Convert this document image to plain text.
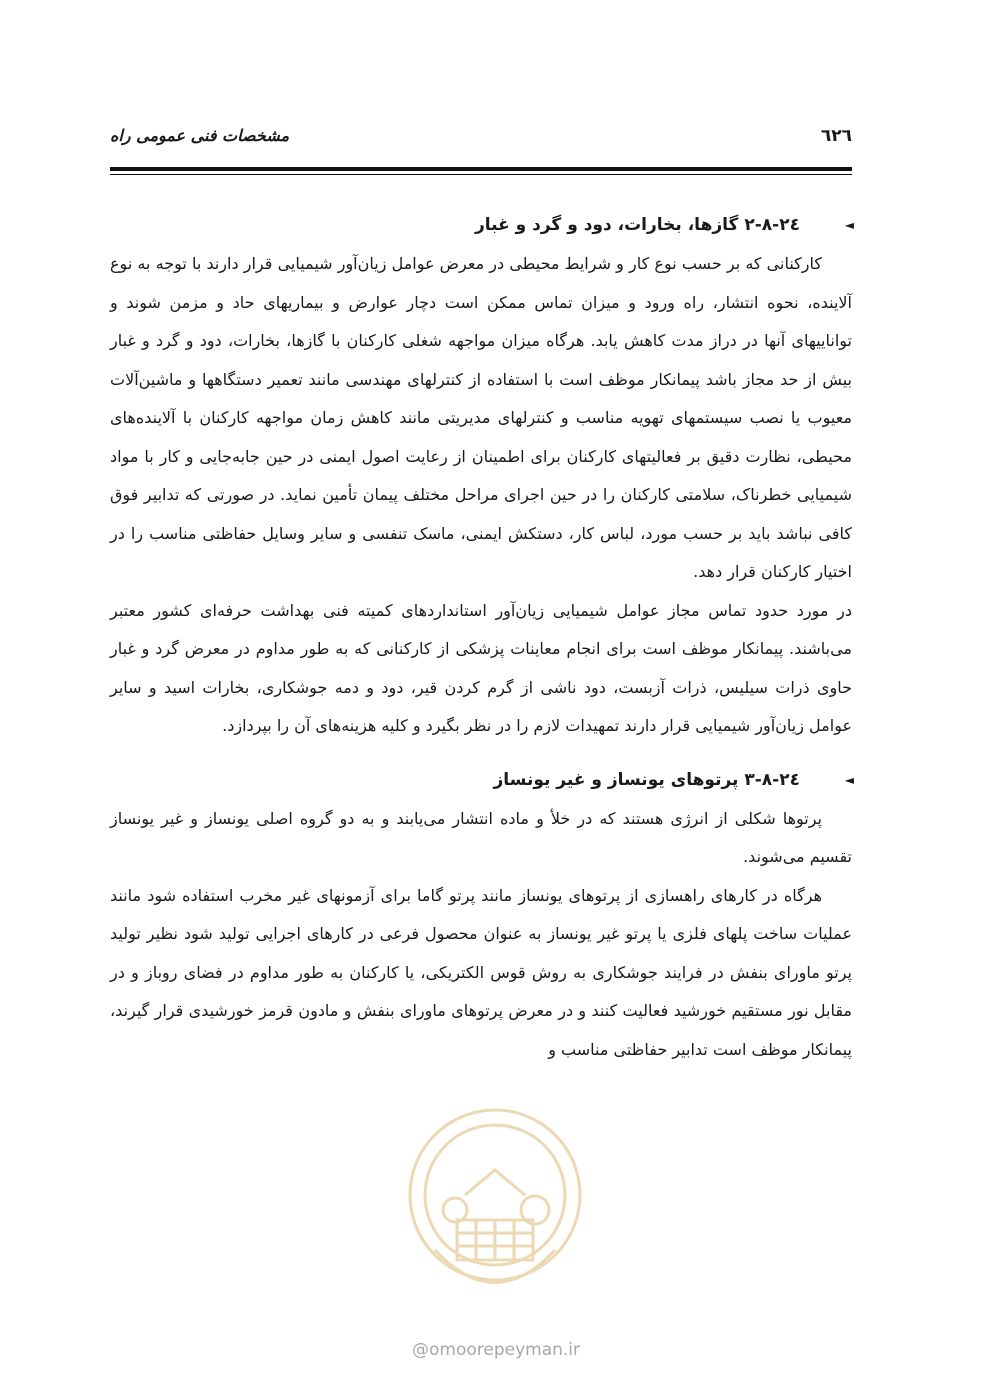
٦٢٦
مشخصات فنی عمومی راه
◄
٢٤-٨-٢ گازها، بخارات، دود و گرد و غبار

کارکنانی که بر حسب نوع کار و شرایط محیطی در معرض عوامل زیان‌آور شیمیایی قرار دارند با توجه به نوع آلاینده، نحوه انتشار، راه ورود و میزان تماس ممکن است دچار عوارض و بیماریهای حاد و مزمن شوند و تواناییهای آنها در دراز مدت کاهش یابد. هرگاه میزان مواجهه شغلی کارکنان با گازها، بخارات، دود و گرد و غبار بیش از حد مجاز باشد پیمانکار موظف است با استفاده از کنترلهای مهندسی مانند تعمیر دستگاهها و ماشین‌آلات معیوب یا نصب سیستمهای تهویه مناسب و کنترلهای مدیریتی مانند کاهش زمان مواجهه کارکنان با آلاینده‌های محیطی، نظارت دقیق بر فعالیتهای کارکنان برای اطمینان از رعایت اصول ایمنی در حین جابه‌جایی و کار با مواد شیمیایی خطرناک، سلامتی کارکنان را در حین اجرای مراحل مختلف پیمان تأمین نماید. در صورتی که تدابیر فوق کافی نباشد باید بر حسب مورد، لباس کار، دستکش ایمنی، ماسک تنفسی و سایر وسایل حفاظتی مناسب را در اختیار کارکنان قرار دهد.

در مورد حدود تماس مجاز عوامل شیمیایی زیان‌آور استانداردهای کمیته فنی بهداشت حرفه‌ای کشور معتبر می‌باشند. پیمانکار موظف است برای انجام معاینات پزشکی از کارکنانی که به طور مداوم در معرض گرد و غبار حاوی ذرات سیلیس، ذرات آزبست، دود ناشی از گرم کردن قیر، دود و دمه جوشکاری، بخارات اسید و سایر عوامل زیان‌آور شیمیایی قرار دارند تمهیدات لازم را در نظر بگیرد و کلیه هزینه‌های آن را بپردازد.

◄
٢٤-٨-٣ پرتوهای یونساز و غیر یونساز

پرتوها شکلی از انرژی هستند که در خلأ و ماده انتشار می‌یابند و به دو گروه اصلی یونساز و غیر یونساز تقسیم می‌شوند.

هرگاه در کارهای راهسازی از پرتوهای یونساز مانند پرتو گاما برای آزمونهای غیر مخرب استفاده شود مانند عملیات ساخت پلهای فلزی یا پرتو غیر یونساز به عنوان محصول فرعی در کارهای اجرایی تولید شود نظیر تولید پرتو ماورای بنفش در فرایند جوشکاری به روش قوس الکتریکی، یا کارکنان به طور مداوم در فضای روباز و در مقابل نور مستقیم خورشید فعالیت کنند و در معرض پرتوهای ماورای بنفش و مادون قرمز خورشیدی قرار گیرند، پیمانکار موظف است تدابیر حفاظتی مناسب و

@omoorepeyman.ir
